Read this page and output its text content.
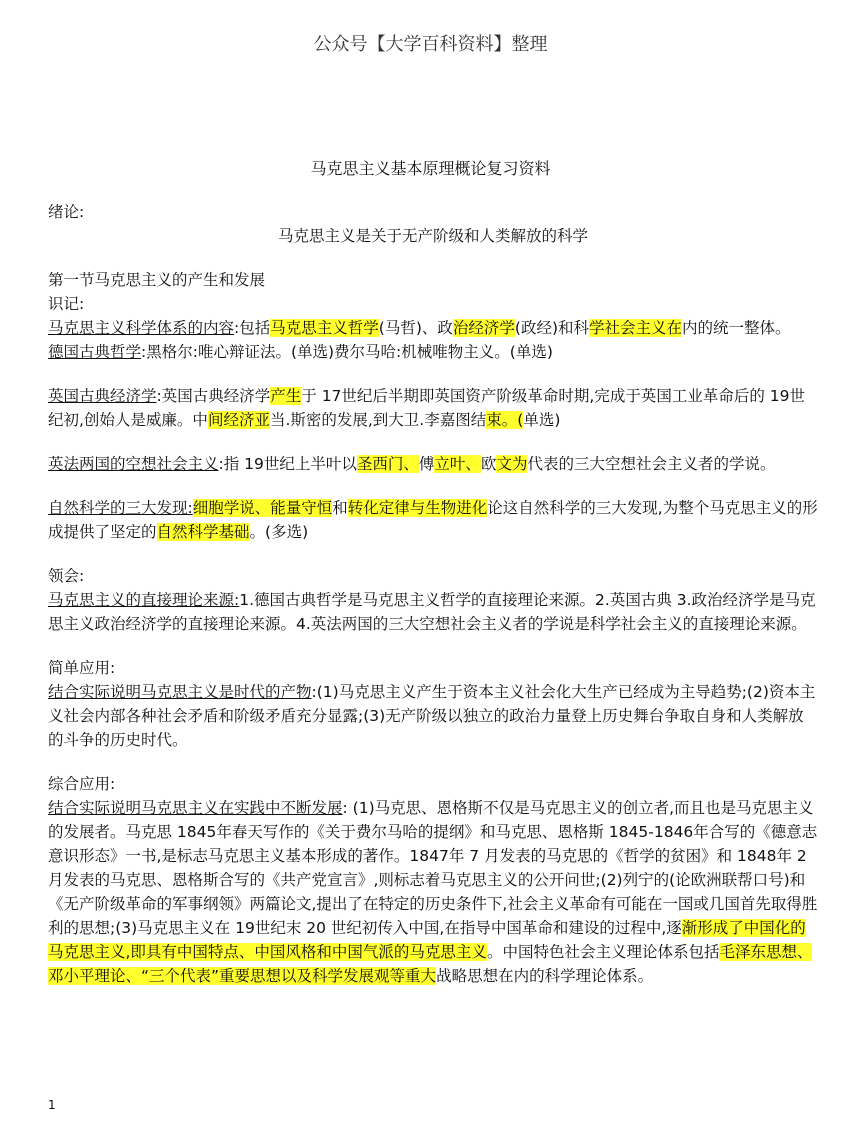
公众号【大学百科资料】整理
马克思主义基本原理概论复习资料

绪论:

马克思主义是关于无产阶级和人类解放的科学

第一节马克思主义的产生和发展

识记:

马克思主义科学体系的内容:包括马克思主义哲学(马哲)、政治经济学(政经)和科学社会主义在内的统一整体。

德国古典哲学:黑格尔:唯心辩证法。(单选)费尔马哈:机械唯物主义。(单选)

英国古典经济学:英国古典经济学产生于 17世纪后半期即英国资产阶级革命时期,完成于英国工业革命后的 19世纪初,创始人是威廉。中间经济亚当.斯密的发展,到大卫.李嘉图结束。(单选)

英法两国的空想社会主义:指 19世纪上半叶以圣西门、傅立叶、欧文为代表的三大空想社会主义者的学说。

自然科学的三大发现:细胞学说、能量守恒和转化定律与生物进化论这自然科学的三大发现,为整个马克思主义的形成提供了坚定的自然科学基础。(多选)

领会:

马克思主义的直接理论来源:1.德国古典哲学是马克思主义哲学的直接理论来源。2.英国古典 3.政治经济学是马克思主义政治经济学的直接理论来源。4.英法两国的三大空想社会主义者的学说是科学社会主义的直接理论来源。

简单应用:

结合实际说明马克思主义是时代的产物:(1)马克思主义产生于资本主义社会化大生产已经成为主导趋势;(2)资本主义社会内部各种社会矛盾和阶级矛盾充分显露;(3)无产阶级以独立的政治力量登上历史舞台争取自身和人类解放的斗争的历史时代。

综合应用:

结合实际说明马克思主义在实践中不断发展: (1)马克思、恩格斯不仅是马克思主义的创立者,而且也是马克思主义的发展者。马克思 1845年春天写作的《关于费尔马哈的提纲》和马克思、恩格斯 1845-1846年合写的《德意志意识形态》一书,是标志马克思主义基本形成的著作。1847年 7 月发表的马克思的《哲学的贫困》和 1848年 2 月发表的马克思、恩格斯合写的《共产党宣言》,则标志着马克思主义的公开问世;(2)列宁的(论欧洲联帮口号)和《无产阶级革命的军事纲领》两篇论文,提出了在特定的历史条件下,社会主义革命有可能在一国或几国首先取得胜利的思想;(3)马克思主义在 19世纪末 20 世纪初传入中国,在指导中国革命和建设的过程中,逐渐形成了中国化的马克思主义,即具有中国特点、中国风格和中国气派的马克思主义。中国特色社会主义理论体系包括毛泽东思想、邓小平理论、“三个代表”重要思想以及科学发展观等重大战略思想在内的科学理论体系。

1
